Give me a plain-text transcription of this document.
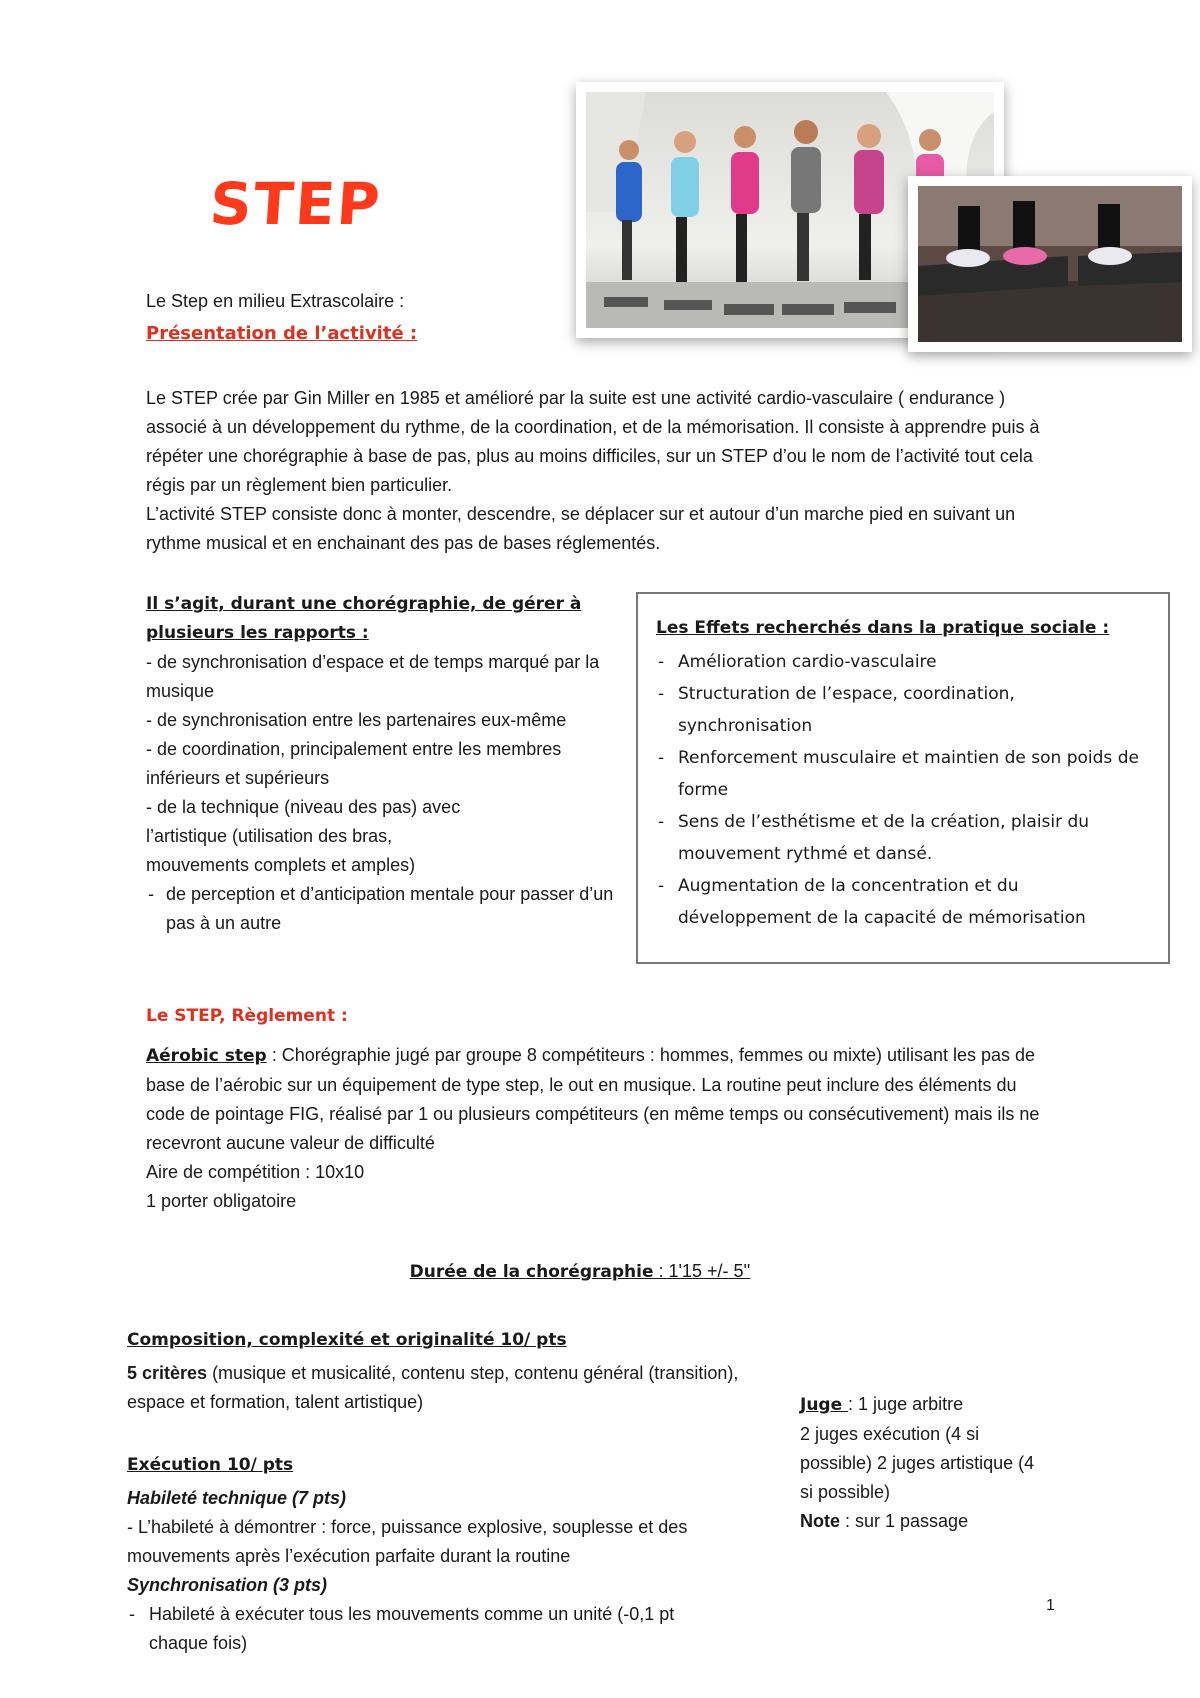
STEP
Le Step en milieu Extrascolaire :
Présentation de l’activité :
Le STEP crée par Gin Miller en 1985 et amélioré par la suite est une activité cardio-vasculaire ( endurance ) associé à un développement du rythme, de la coordination, et de la mémorisation. Il consiste à apprendre puis à répéter une chorégraphie à base de pas, plus au moins difficiles, sur un STEP d’ou le nom de l’activité tout cela régis par un règlement bien particulier.
L’activité STEP consiste donc à monter, descendre, se déplacer sur et autour d’un marche pied en suivant un rythme musical et en enchainant des pas de bases réglementés.
Il s’agit, durant une chorégraphie, de gérer à plusieurs les rapports :
- de synchronisation d’espace et de temps marqué par la musique
- de synchronisation entre les partenaires eux-même
- de coordination, principalement entre les membres inférieurs et supérieurs
- de la technique (niveau des pas) avec l’artistique (utilisation des bras, mouvements complets et amples)
- de perception et d’anticipation mentale pour passer d’un pas à un autre
Les Effets recherchés dans la pratique sociale :
- Amélioration cardio-vasculaire
- Structuration de l’espace, coordination, synchronisation
- Renforcement musculaire et maintien de son poids de forme
- Sens de l’esthétisme et de la création, plaisir du mouvement rythmé et dansé.
- Augmentation de la concentration et du développement de la capacité de mémorisation
Le STEP, Règlement :
Aérobic step : Chorégraphie jugé par groupe 8 compétiteurs : hommes, femmes ou mixte) utilisant les pas de base de l’aérobic sur un équipement de type step, le out en musique. La routine peut inclure des éléments du code de pointage FIG, réalisé par 1 ou plusieurs compétiteurs (en même temps ou consécutivement) mais ils ne recevront aucune valeur de difficulté
Aire de compétition : 10x10
1 porter obligatoire
Durée de la chorégraphie : 1'15 +/- 5''
Composition, complexité et originalité 10/ pts
5 critères (musique et musicalité, contenu step, contenu général (transition), espace et formation, talent artistique)
Exécution 10/ pts
Habileté technique (7 pts)
- L’habileté à démontrer : force, puissance explosive, souplesse et des mouvements après l’exécution parfaite durant la routine
Synchronisation (3 pts)
- Habileté à exécuter tous les mouvements comme un unité (-0,1 pt chaque fois)
Juge : 1 juge arbitre
2 juges exécution (4 si possible) 2 juges artistique (4 si possible)
Note : sur 1 passage
1
